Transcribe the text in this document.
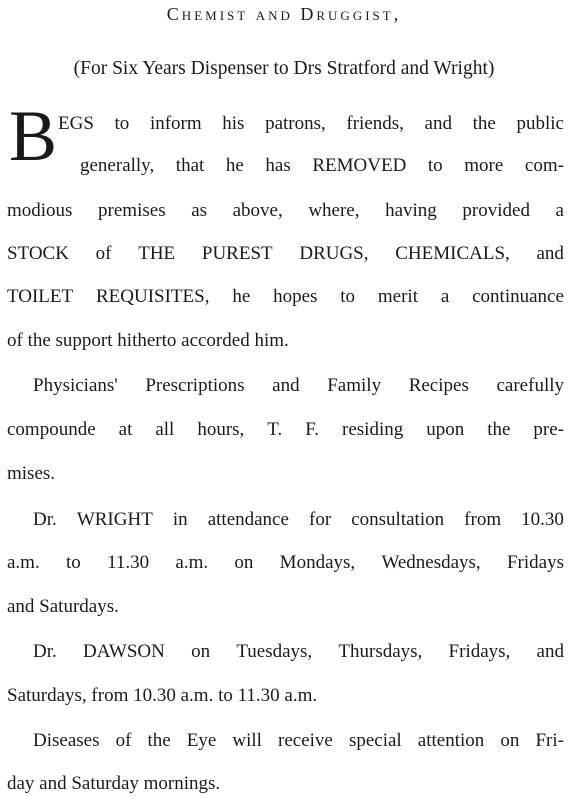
Chemist and Druggist,
(For Six Years Dispenser to Drs Stratford and Wright)
B EGS to inform his patrons, friends, and the public
generally, that he has REMOVED to more com-
modious premises as above, where, having provided a
STOCK of THE PUREST DRUGS, CHEMICALS, and
TOILET REQUISITES, he hopes to merit a continuance
of the support hitherto accorded him.
Physicians' Prescriptions and Family Recipes carefully
compounde at all hours, T. F. residing upon the pre-
mises.
Dr. WRIGHT in attendance for consultation from 10.30
a.m. to 11.30 a.m. on Mondays, Wednesdays, Fridays
and Saturdays.
Dr. DAWSON on Tuesdays, Thursdays, Fridays, and
Saturdays, from 10.30 a.m. to 11.30 a.m.
Diseases of the Eye will receive special attention on Fri-
day and Saturday mornings.
